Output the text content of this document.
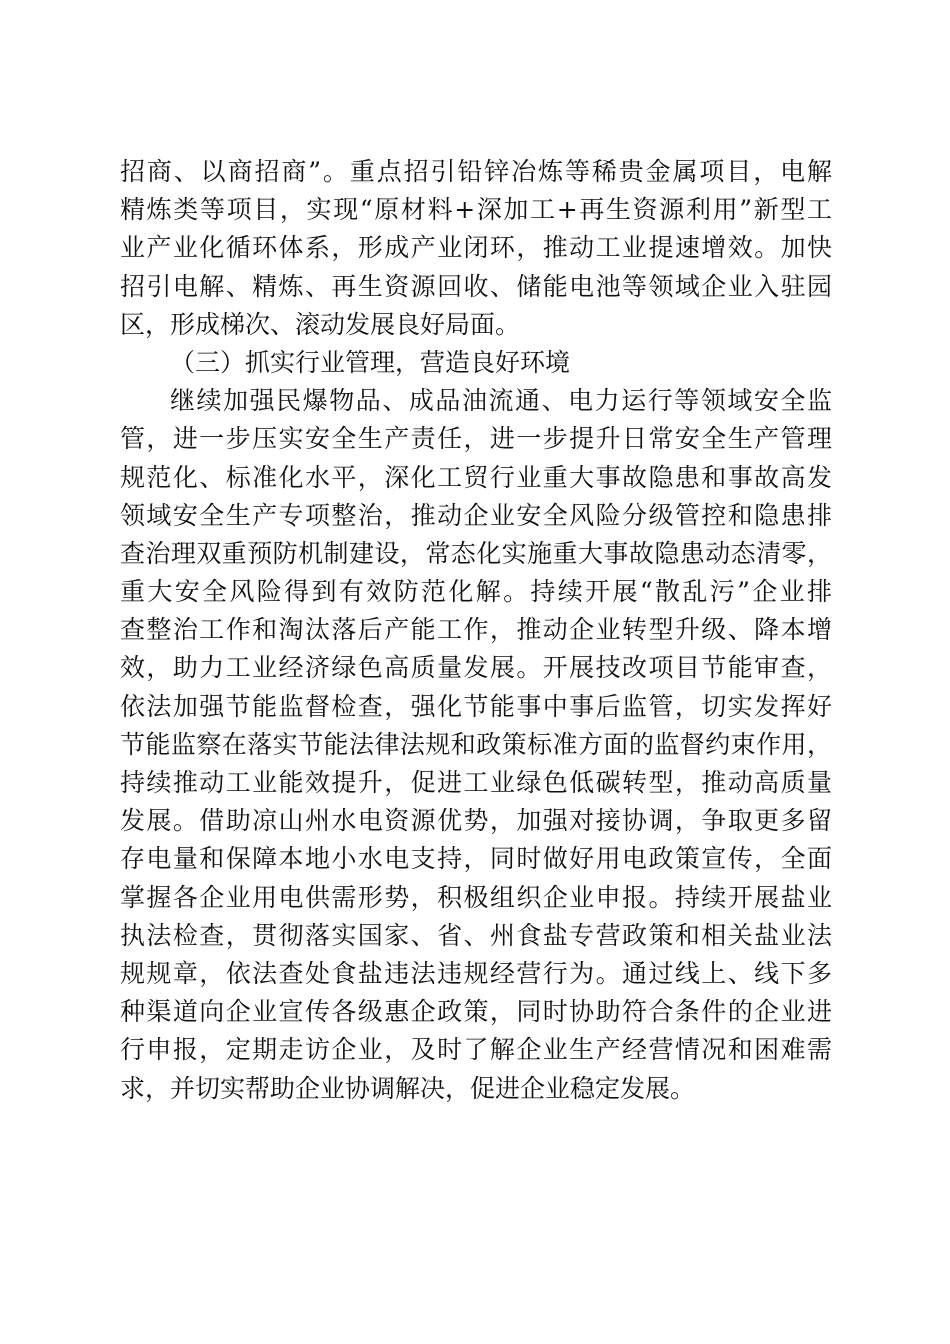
招商、以商招商”。重点招引铅锌冶炼等稀贵金属项目，电解
精炼类等项目，实现“原材料+深加工+再生资源利用”新型工
业产业化循环体系，形成产业闭环，推动工业提速增效。加快
招引电解、精炼、再生资源回收、储能电池等领域企业入驻园
区，形成梯次、滚动发展良好局面。
（三）抓实行业管理，营造良好环境
继续加强民爆物品、成品油流通、电力运行等领域安全监
管，进一步压实安全生产责任，进一步提升日常安全生产管理
规范化、标准化水平，深化工贸行业重大事故隐患和事故高发
领域安全生产专项整治，推动企业安全风险分级管控和隐患排
查治理双重预防机制建设，常态化实施重大事故隐患动态清零，
重大安全风险得到有效防范化解。持续开展“散乱污”企业排
查整治工作和淘汰落后产能工作，推动企业转型升级、降本增
效，助力工业经济绿色高质量发展。开展技改项目节能审查，
依法加强节能监督检查，强化节能事中事后监管，切实发挥好
节能监察在落实节能法律法规和政策标准方面的监督约束作用，
持续推动工业能效提升，促进工业绿色低碳转型，推动高质量
发展。借助凉山州水电资源优势，加强对接协调，争取更多留
存电量和保障本地小水电支持，同时做好用电政策宣传，全面
掌握各企业用电供需形势，积极组织企业申报。持续开展盐业
执法检查，贯彻落实国家、省、州食盐专营政策和相关盐业法
规规章，依法查处食盐违法违规经营行为。通过线上、线下多
种渠道向企业宣传各级惠企政策，同时协助符合条件的企业进
行申报，定期走访企业，及时了解企业生产经营情况和困难需
求，并切实帮助企业协调解决，促进企业稳定发展。
